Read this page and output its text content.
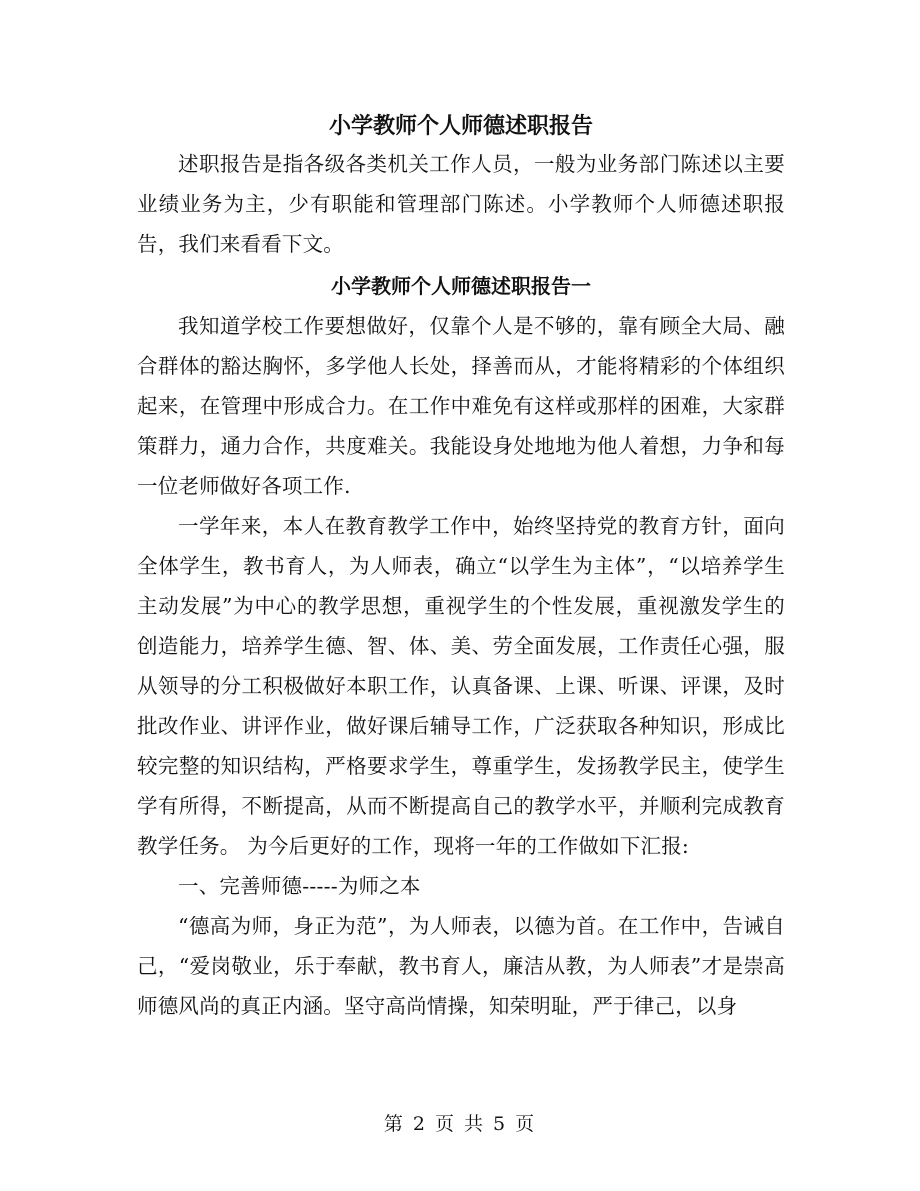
小学教师个人师德述职报告

述职报告是指各级各类机关工作人员，一般为业务部门陈述以主要业绩业务为主，少有职能和管理部门陈述。小学教师个人师德述职报告，我们来看看下文。

小学教师个人师德述职报告一

我知道学校工作要想做好，仅靠个人是不够的，靠有顾全大局、融合群体的豁达胸怀，多学他人长处，择善而从，才能将精彩的个体组织起来，在管理中形成合力。在工作中难免有这样或那样的困难，大家群策群力，通力合作，共度难关。我能设身处地地为他人着想，力争和每一位老师做好各项工作.

一学年来，本人在教育教学工作中，始终坚持党的教育方针，面向全体学生，教书育人，为人师表，确立“以学生为主体”，“以培养学生主动发展”为中心的教学思想，重视学生的个性发展，重视激发学生的创造能力，培养学生德、智、体、美、劳全面发展，工作责任心强，服从领导的分工积极做好本职工作，认真备课、上课、听课、评课，及时批改作业、讲评作业，做好课后辅导工作，广泛获取各种知识，形成比较完整的知识结构，严格要求学生，尊重学生，发扬教学民主，使学生学有所得，不断提高，从而不断提高自己的教学水平，并顺利完成教育教学任务。 为今后更好的工作，现将一年的工作做如下汇报:

一、完善师德-----为师之本

“德高为师，身正为范”，为人师表，以德为首。在工作中，告诫自己，“爱岗敬业，乐于奉献，教书育人，廉洁从教，为人师表”才是崇高师德风尚的真正内涵。坚守高尚情操，知荣明耻，严于律己，以身

第 2 页 共 5 页
